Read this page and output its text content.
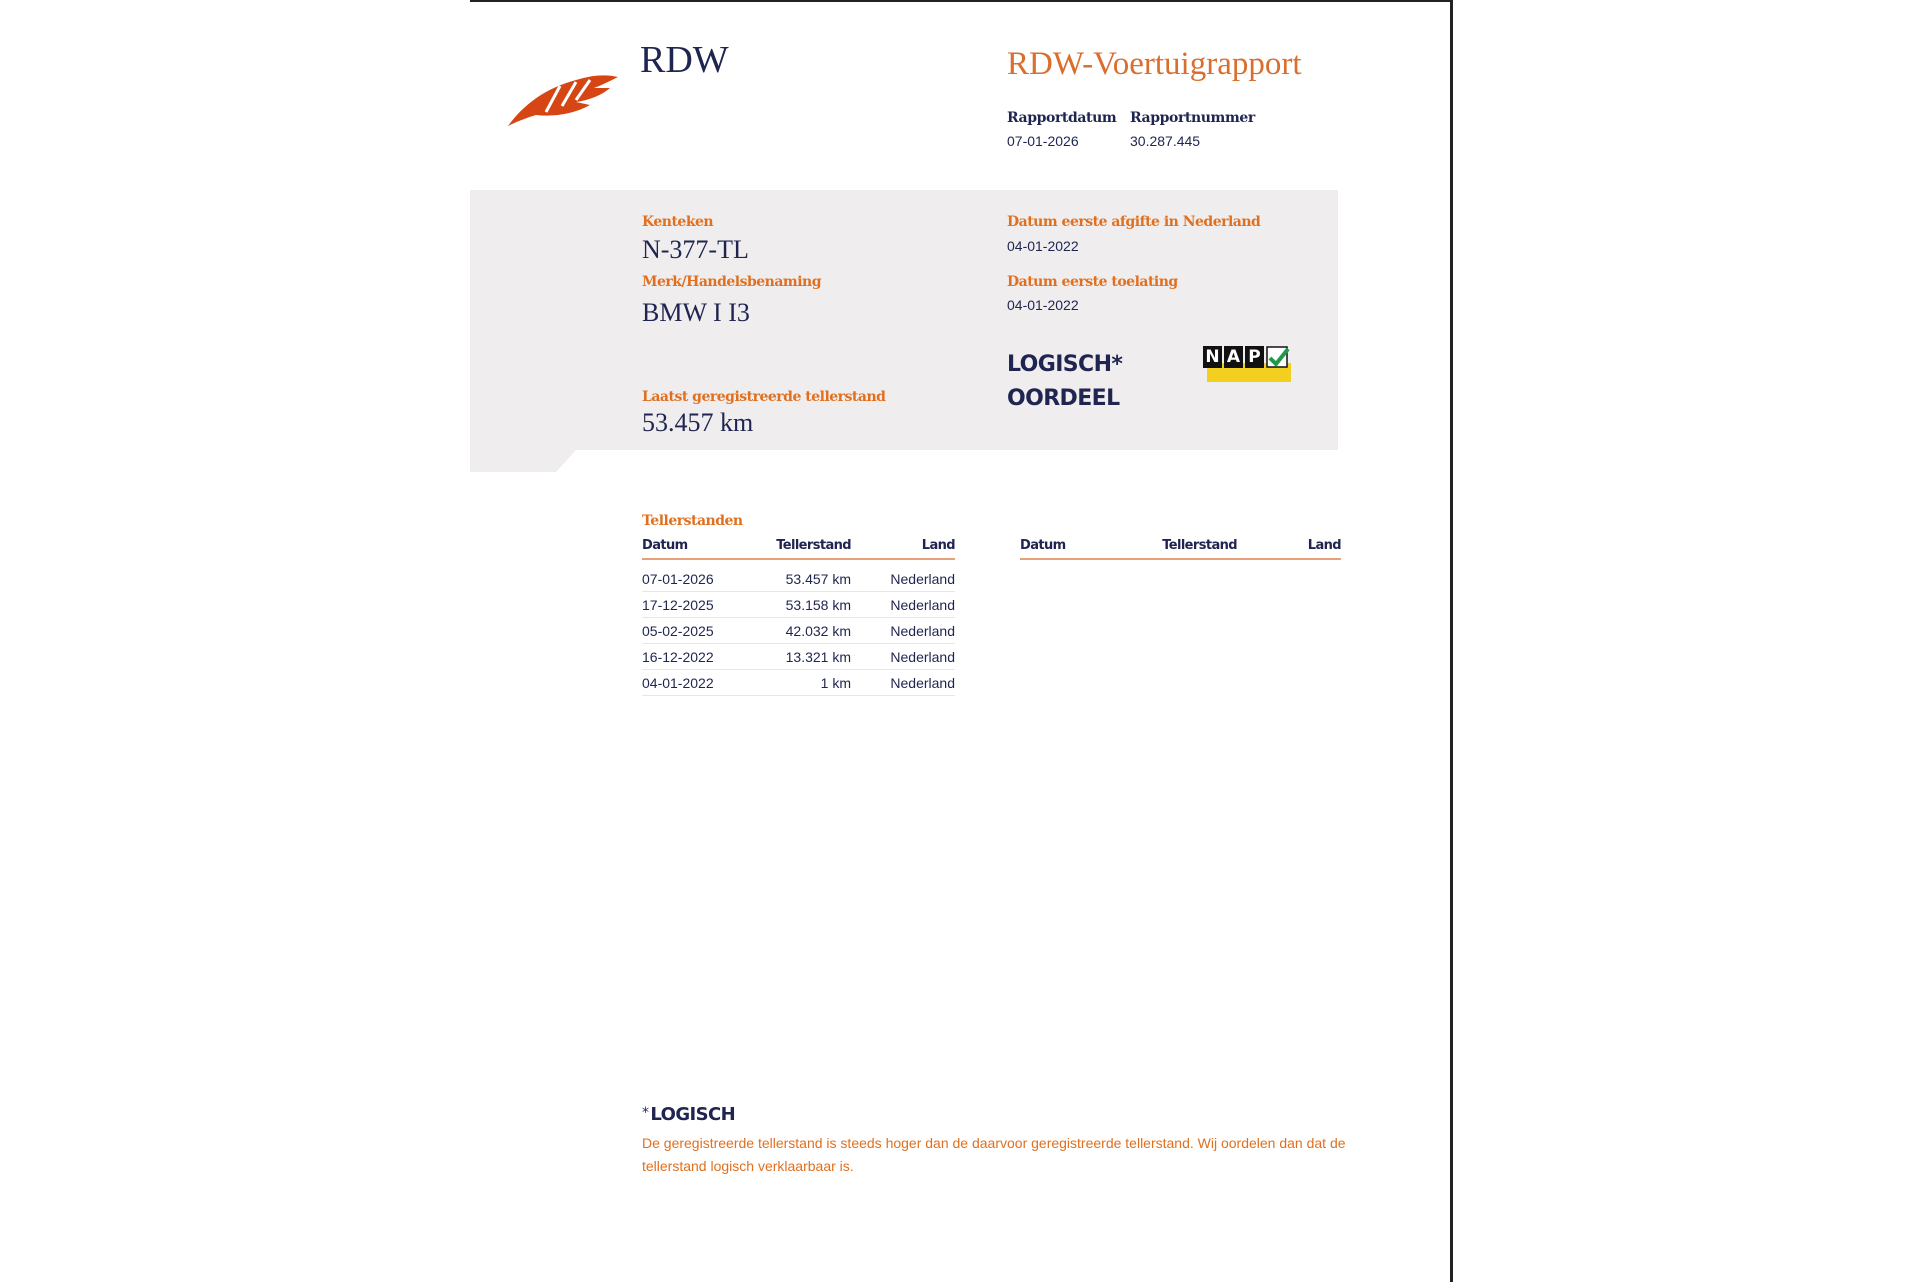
RDW	RDW-Voertuigrapport
Rapportdatum
07-01-2026
Rapportnummer
30.287.445
Kenteken
N-377-TL
Merk/Handelsbenaming
BMW I I3
Laatst geregistreerde tellerstand
53.457 km
Datum eerste afgifte in Nederland
04-01-2022
Datum eerste toelating
04-01-2022
LOGISCH*
OORDEEL
N A P
Tellerstanden
Datum	Tellerstand	Land

07-01-2026	53.457 km	Nederland
17-12-2025	53.158 km	Nederland
05-02-2025	42.032 km	Nederland
16-12-2022	13.321 km	Nederland
04-01-2022	1 km	Nederland
Datum	Tellerstand	Land
* LOGISCH
De geregistreerde tellerstand is steeds hoger dan de daarvoor geregistreerde tellerstand. Wij oordelen dan dat de tellerstand logisch verklaarbaar is.
